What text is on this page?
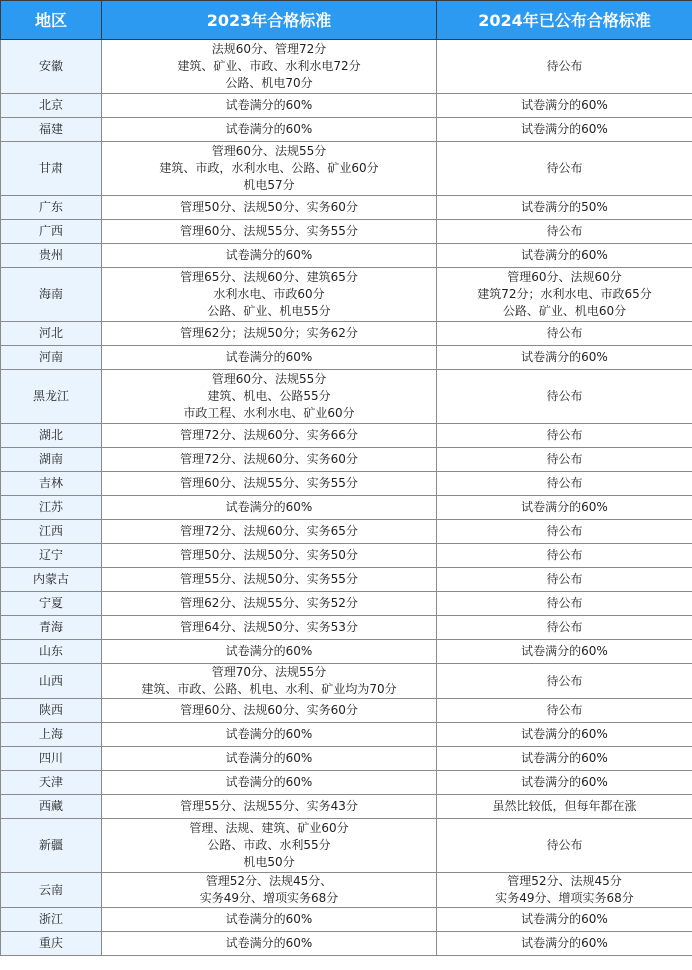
地区	2023年合格标准	2024年已公布合格标准
安徽	法规60分、管理72分
建筑、矿业、市政、水利水电72分
公路、机电70分	待公布

北京	试卷满分的60%	试卷满分的60%

福建	试卷满分的60%	试卷满分的60%

甘肃	管理60分、法规55分
建筑、市政，水利水电、公路、矿业60分
机电57分	待公布

广东	管理50分、法规50分、实务60分	试卷满分的50%

广西	管理60分、法规55分、实务55分	待公布

贵州	试卷满分的60%	试卷满分的60%

海南	管理65分、法规60分、建筑65分
水利水电、市政60分
公路、矿业、机电55分	管理60分、法规60分
建筑72分；水利水电、市政65分
公路、矿业、机电60分

河北	管理62分；法规50分；实务62分	待公布

河南	试卷满分的60%	试卷满分的60%

黑龙江	管理60分、法规55分
建筑、机电、公路55分
市政工程、水利水电、矿业60分	待公布

湖北	管理72分、法规60分、实务66分	待公布

湖南	管理72分、法规60分、实务60分	待公布

吉林	管理60分、法规55分、实务55分	待公布

江苏	试卷满分的60%	试卷满分的60%

江西	管理72分、法规60分、实务65分	待公布

辽宁	管理50分、法规50分、实务50分	待公布

内蒙古	管理55分、法规50分、实务55分	待公布

宁夏	管理62分、法规55分、实务52分	待公布

青海	管理64分、法规50分、实务53分	待公布

山东	试卷满分的60%	试卷满分的60%

山西	管理70分、法规55分
建筑、市政、公路、机电、水利、矿业均为70分	待公布

陕西	管理60分、法规60分、实务60分	待公布

上海	试卷满分的60%	试卷满分的60%

四川	试卷满分的60%	试卷满分的60%

天津	试卷满分的60%	试卷满分的60%

西藏	管理55分、法规55分、实务43分	虽然比较低，但每年都在涨

新疆	管理、法规、建筑、矿业60分
公路、市政、水利55分
机电50分	待公布

云南	管理52分、法规45分、
实务49分、增项实务68分	管理52分、法规45分
实务49分、增项实务68分

浙江	试卷满分的60%	试卷满分的60%

重庆	试卷满分的60%	试卷满分的60%
